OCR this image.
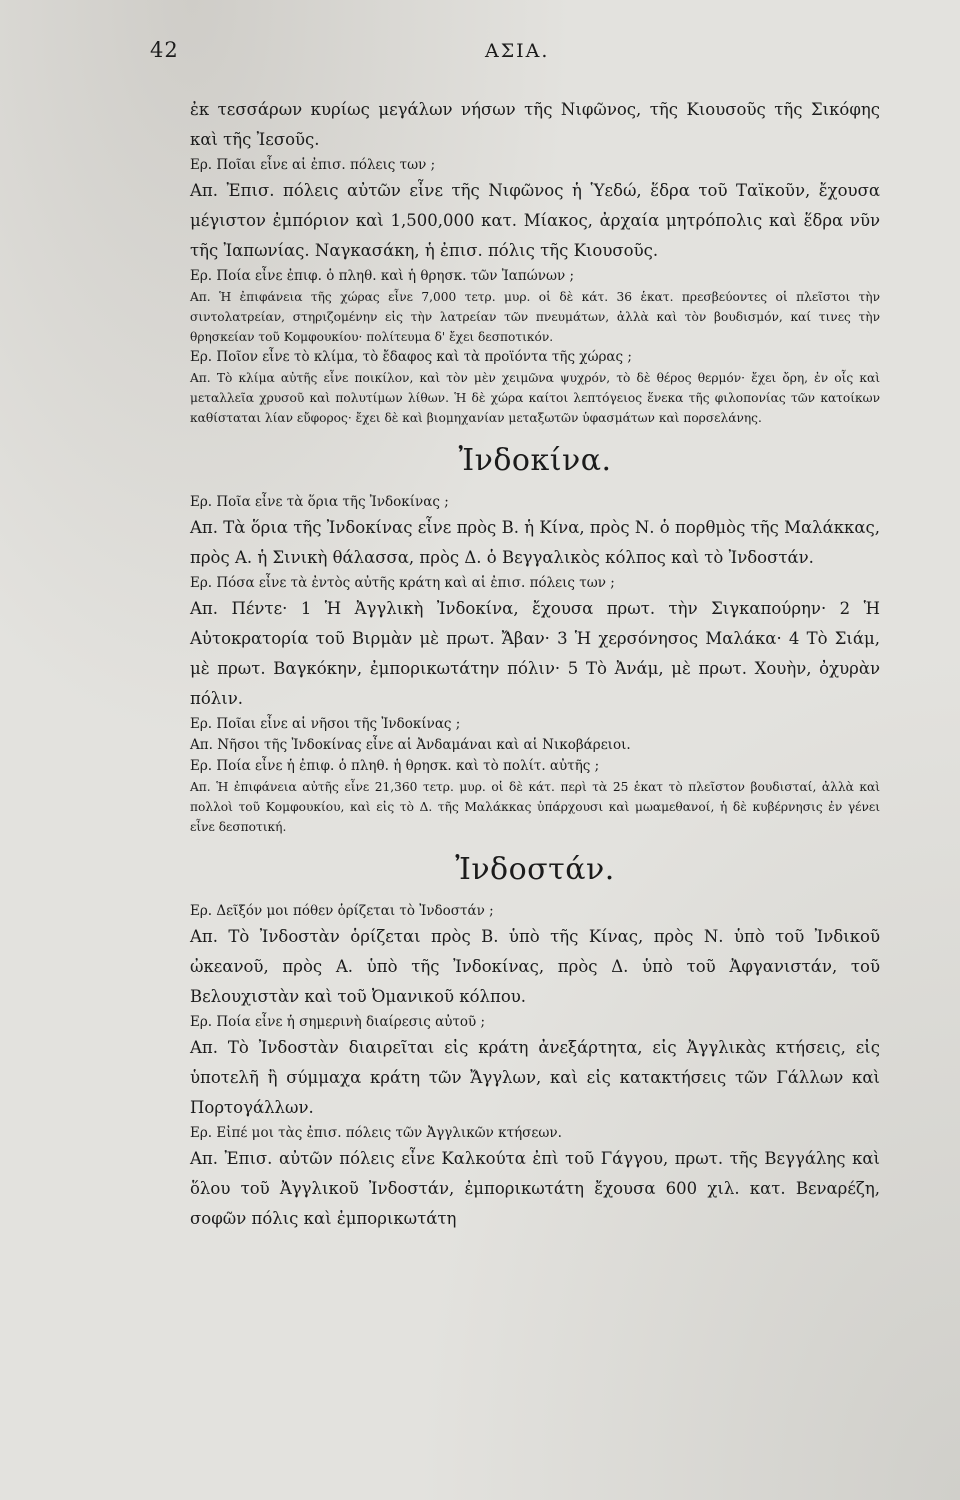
42	ΑΣΙΑ.

ἐκ τεσσάρων κυρίως μεγάλων νήσων τῆς Νιφῶνος, τῆς Κιουσοῦς τῆς Σικόφης καὶ τῆς Ἰεσοῦς.

Ερ. Ποῖαι εἶνε αἱ ἐπισ. πόλεις των ;

Απ. Ἐπισ. πόλεις αὐτῶν εἶνε τῆς Νιφῶνος ἡ Ὑεδώ, ἕδρα τοῦ Ταϊκοῦν, ἔχουσα μέγιστον ἐμπόριον καὶ 1,500,000 κατ. Μίακος, ἀρχαία μητρόπολις καὶ ἕδρα νῦν τῆς Ἰαπωνίας. Ναγκασάκη, ἡ ἐπισ. πόλις τῆς Κιουσοῦς.

Ερ. Ποία εἶνε ἐπιφ. ὁ πληθ. καὶ ἡ θρησκ. τῶν Ἰαπώνων ;

Απ. Ἡ ἐπιφάνεια τῆς χώρας εἶνε 7,000 τετρ. μυρ. οἱ δὲ κάτ. 36 ἑκατ. πρεσβεύοντες οἱ πλεῖστοι τὴν σιντολατρείαν, στηριζομένην εἰς τὴν λατρείαν τῶν πνευμάτων, ἀλλὰ καὶ τὸν βουδισμόν, καί τινες τὴν θρησκείαν τοῦ Κομφουκίου· πολίτευμα δ' ἔχει δεσποτικόν.

Ερ. Ποῖον εἶνε τὸ κλίμα, τὸ ἔδαφος καὶ τὰ προϊόντα τῆς χώρας ;

Απ. Τὸ κλίμα αὐτῆς εἶνε ποικίλον, καὶ τὸν μὲν χειμῶνα ψυχρόν, τὸ δὲ θέρος θερμόν· ἔχει ὄρη, ἐν οἷς καὶ μεταλλεῖα χρυσοῦ καὶ πολυτίμων λίθων. Ἡ δὲ χώρα καίτοι λεπτόγειος ἕνεκα τῆς φιλοπονίας τῶν κατοίκων καθίσταται λίαν εὔφορος· ἔχει δὲ καὶ βιομηχανίαν μεταξωτῶν ὑφασμάτων καὶ πορσελάνης.

Ἰνδοκίνα.

Ερ. Ποῖα εἶνε τὰ ὅρια τῆς Ἰνδοκίνας ;

Απ. Τὰ ὅρια τῆς Ἰνδοκίνας εἶνε πρὸς Β. ἡ Κίνα, πρὸς Ν. ὁ πορθμὸς τῆς Μαλάκκας, πρὸς Α. ἡ Σινικὴ θάλασσα, πρὸς Δ. ὁ Βεγγαλικὸς κόλπος καὶ τὸ Ἰνδοστάν.

Ερ. Πόσα εἶνε τὰ ἐντὸς αὐτῆς κράτη καὶ αἱ ἐπισ. πόλεις των ;

Απ. Πέντε· 1 Ἡ Ἀγγλικὴ Ἰνδοκίνα, ἔχουσα πρωτ. τὴν Σιγκαπούρην· 2 Ἡ Αὐτοκρατορία τοῦ Βιρμὰν μὲ πρωτ. Ἄβαν· 3 Ἡ χερσόνησος Μαλάκα· 4 Τὸ Σιάμ, μὲ πρωτ. Βαγκόκην, ἐμπορικωτάτην πόλιν· 5 Τὸ Ἀνάμ, μὲ πρωτ. Χουὴν, ὀχυρὰν πόλιν.

Ερ. Ποῖαι εἶνε αἱ νῆσοι τῆς Ἰνδοκίνας ;

Απ. Νῆσοι τῆς Ἰνδοκίνας εἶνε αἱ Ἀνδαμάναι καὶ αἱ Νικοβάρειοι.

Ερ. Ποία εἶνε ἡ ἐπιφ. ὁ πληθ. ἡ θρησκ. καὶ τὸ πολίτ. αὐτῆς ;

Απ. Ἡ ἐπιφάνεια αὐτῆς εἶνε 21,360 τετρ. μυρ. οἱ δὲ κάτ. περὶ τὰ 25 ἑκατ τὸ πλεῖστον βουδισταί, ἀλλὰ καὶ πολλοὶ τοῦ Κομφουκίου, καὶ εἰς τὸ Δ. τῆς Μαλάκκας ὑπάρχουσι καὶ μωαμεθανοί, ἡ δὲ κυβέρνησις ἐν γένει εἶνε δεσποτική.

Ἰνδοστάν.

Ερ. Δεῖξόν μοι πόθεν ὁρίζεται τὸ Ἰνδοστάν ;

Απ. Τὸ Ἰνδοστὰν ὁρίζεται πρὸς Β. ὑπὸ τῆς Κίνας, πρὸς Ν. ὑπὸ τοῦ Ἰνδικοῦ ὠκεανοῦ, πρὸς Α. ὑπὸ τῆς Ἰνδοκίνας, πρὸς Δ. ὑπὸ τοῦ Ἀφγανιστάν, τοῦ Βελουχιστὰν καὶ τοῦ Ὀμανικοῦ κόλπου.

Ερ. Ποία εἶνε ἡ σημερινὴ διαίρεσις αὐτοῦ ;

Απ. Τὸ Ἰνδοστὰν διαιρεῖται εἰς κράτη ἀνεξάρτητα, εἰς Ἀγγλικὰς κτήσεις, εἰς ὑποτελῆ ἢ σύμμαχα κράτη τῶν Ἄγγλων, καὶ εἰς κατακτήσεις τῶν Γάλλων καὶ Πορτογάλλων.

Ερ. Εἰπέ μοι τὰς ἐπισ. πόλεις τῶν Ἀγγλικῶν κτήσεων.

Απ. Ἐπισ. αὐτῶν πόλεις εἶνε Καλκούτα ἐπὶ τοῦ Γάγγου, πρωτ. τῆς Βεγγάλης καὶ ὅλου τοῦ Ἀγγλικοῦ Ἰνδοστάν, ἐμπορικωτάτη ἔχουσα 600 χιλ. κατ. Βεναρέζη, σοφῶν πόλις καὶ ἐμπορικωτάτη
